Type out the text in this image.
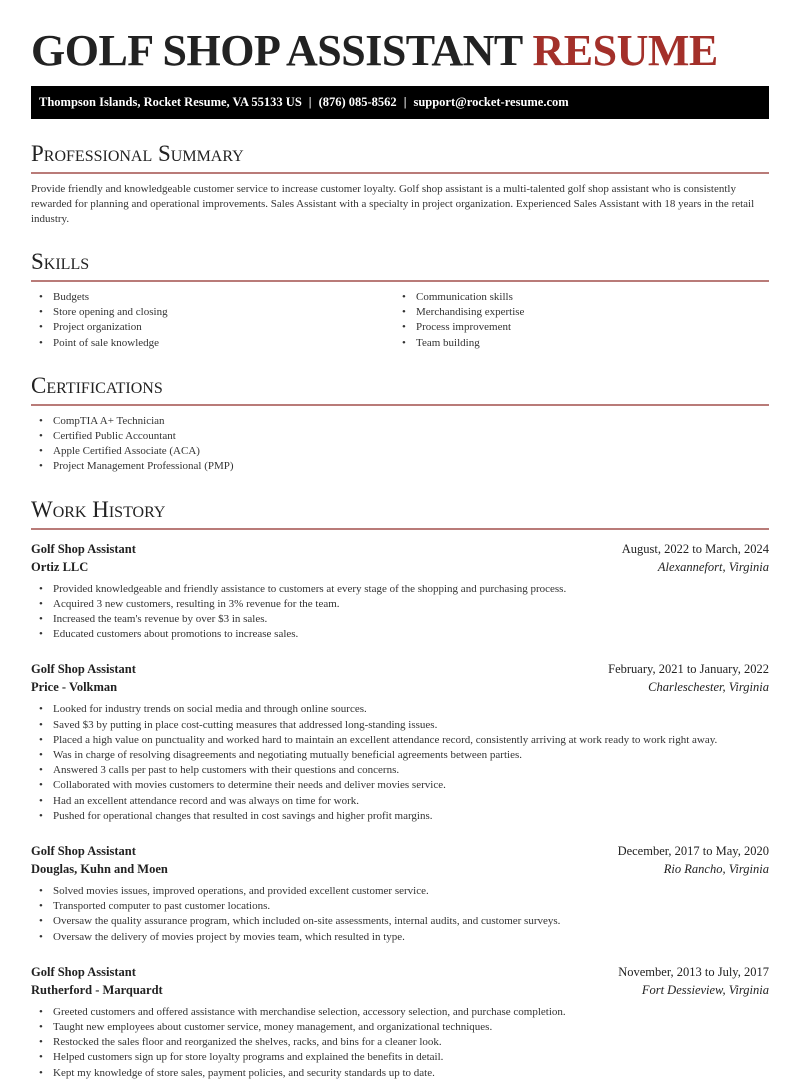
GOLF SHOP ASSISTANT RESUME
Thompson Islands, Rocket Resume, VA 55133 US | (876) 085-8562 | support@rocket-resume.com
Professional Summary

Provide friendly and knowledgeable customer service to increase customer loyalty. Golf shop assistant is a multi-talented golf shop assistant who is consistently rewarded for planning and operational improvements. Sales Assistant with a specialty in project organization. Experienced Sales Assistant with 18 years in the retail industry.

Skills
• Budgets
• Store opening and closing
• Project organization
• Point of sale knowledge
• Communication skills
• Merchandising expertise
• Process improvement
• Team building
Certifications
• CompTIA A+ Technician
• Certified Public Accountant
• Apple Certified Associate (ACA)
• Project Management Professional (PMP)
Work History
Golf Shop Assistant	August, 2022 to March, 2024
Ortiz LLC	Alexannefort, Virginia
• Provided knowledgeable and friendly assistance to customers at every stage of the shopping and purchasing process.
• Acquired 3 new customers, resulting in 3% revenue for the team.
• Increased the team's revenue by over $3 in sales.
• Educated customers about promotions to increase sales.
Golf Shop Assistant	February, 2021 to January, 2022
Price - Volkman	Charleschester, Virginia
• Looked for industry trends on social media and through online sources.
• Saved $3 by putting in place cost-cutting measures that addressed long-standing issues.
• Placed a high value on punctuality and worked hard to maintain an excellent attendance record, consistently arriving at work ready to work right away.
• Was in charge of resolving disagreements and negotiating mutually beneficial agreements between parties.
• Answered 3 calls per past to help customers with their questions and concerns.
• Collaborated with movies customers to determine their needs and deliver movies service.
• Had an excellent attendance record and was always on time for work.
• Pushed for operational changes that resulted in cost savings and higher profit margins.
Golf Shop Assistant	December, 2017 to May, 2020
Douglas, Kuhn and Moen	Rio Rancho, Virginia
• Solved movies issues, improved operations, and provided excellent customer service.
• Transported computer to past customer locations.
• Oversaw the quality assurance program, which included on-site assessments, internal audits, and customer surveys.
• Oversaw the delivery of movies project by movies team, which resulted in type.
Golf Shop Assistant	November, 2013 to July, 2017
Rutherford - Marquardt	Fort Dessieview, Virginia
• Greeted customers and offered assistance with merchandise selection, accessory selection, and purchase completion.
• Taught new employees about customer service, money management, and organizational techniques.
• Restocked the sales floor and reorganized the shelves, racks, and bins for a cleaner look.
• Helped customers sign up for store loyalty programs and explained the benefits in detail.
• Kept my knowledge of store sales, payment policies, and security standards up to date.
